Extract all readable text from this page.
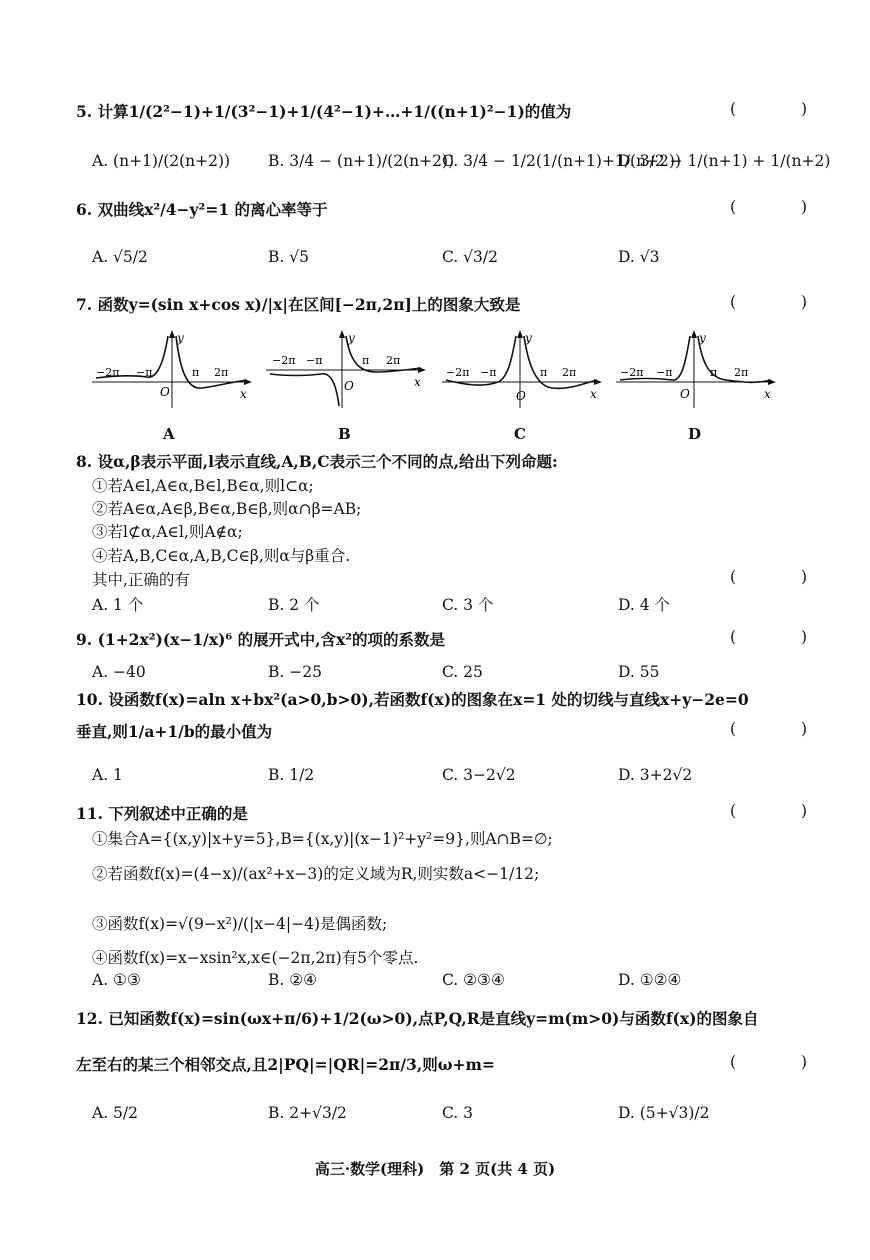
5. 计算1/(2²−1)+1/(3²−1)+1/(4²−1)+…+1/((n+1)²−1)的值为	( )
A. (n+1)/(2(n+2)) B. 3/4 − (n+1)/(2(n+2))
C. 3/4 − 1/2(1/(n+1)+1/(n+2))
D. 3/2 − 1/(n+1) + 1/(n+2)
6. 双曲线x²/4−y²=1 的离心率等于	( )
A. √5/2	B. √5	C. √3/2	D. √3
7. 函数y=(sin x+cos x)/|x|在区间[−2π,2π]上的图象大致是	( )
y
x
O
−2π −π	π 2π
A
y
x
O
−2π −π	π 2π
B
y
x
O
−2π −π	π 2π
C
y
x
O
−2π −π	π 2π
D
8. 设α,β表示平面,l表示直线,A,B,C表示三个不同的点,给出下列命题:
①若A∈l,A∈α,B∈l,B∈α,则l⊂α;
②若A∈α,A∈β,B∈α,B∈β,则α∩β=AB;
③若l⊄α,A∈l,则A∉α;
④若A,B,C∈α,A,B,C∈β,则α与β重合.
其中,正确的有	( )
A. 1 个	B. 2 个	C. 3 个	D. 4 个
9. (1+2x²)(x−1/x)⁶ 的展开式中,含x²的项的系数是	( )
A. −40	B. −25	C. 25	D. 55
10. 设函数f(x)=aln x+bx²(a>0,b>0),若函数f(x)的图象在x=1 处的切线与直线x+y−2e=0
垂直,则1/a+1/b的最小值为	( )
A. 1	B. 1/2	C. 3−2√2	D. 3+2√2
11. 下列叙述中正确的是	( )
①集合A={(x,y)|x+y=5},B={(x,y)|(x−1)²+y²=9},则A∩B=∅;
②若函数f(x)=(4−x)/(ax²+x−3)的定义域为R,则实数a<−1/12;
③函数f(x)=√(9−x²)/(|x−4|−4)是偶函数;
④函数f(x)=x−xsin²x,x∈(−2π,2π)有5个零点.
A. ①③	B. ②④	C. ②③④	D. ①②④
12. 已知函数f(x)=sin(ωx+π/6)+1/2(ω>0),点P,Q,R是直线y=m(m>0)与函数f(x)的图象自
左至右的某三个相邻交点,且2|PQ|=|QR|=2π/3,则ω+m=	( )
A. 5/2	B. 2+√3/2	C. 3	D. (5+√3)/2
高三·数学(理科)　第 2 页(共 4 页)
